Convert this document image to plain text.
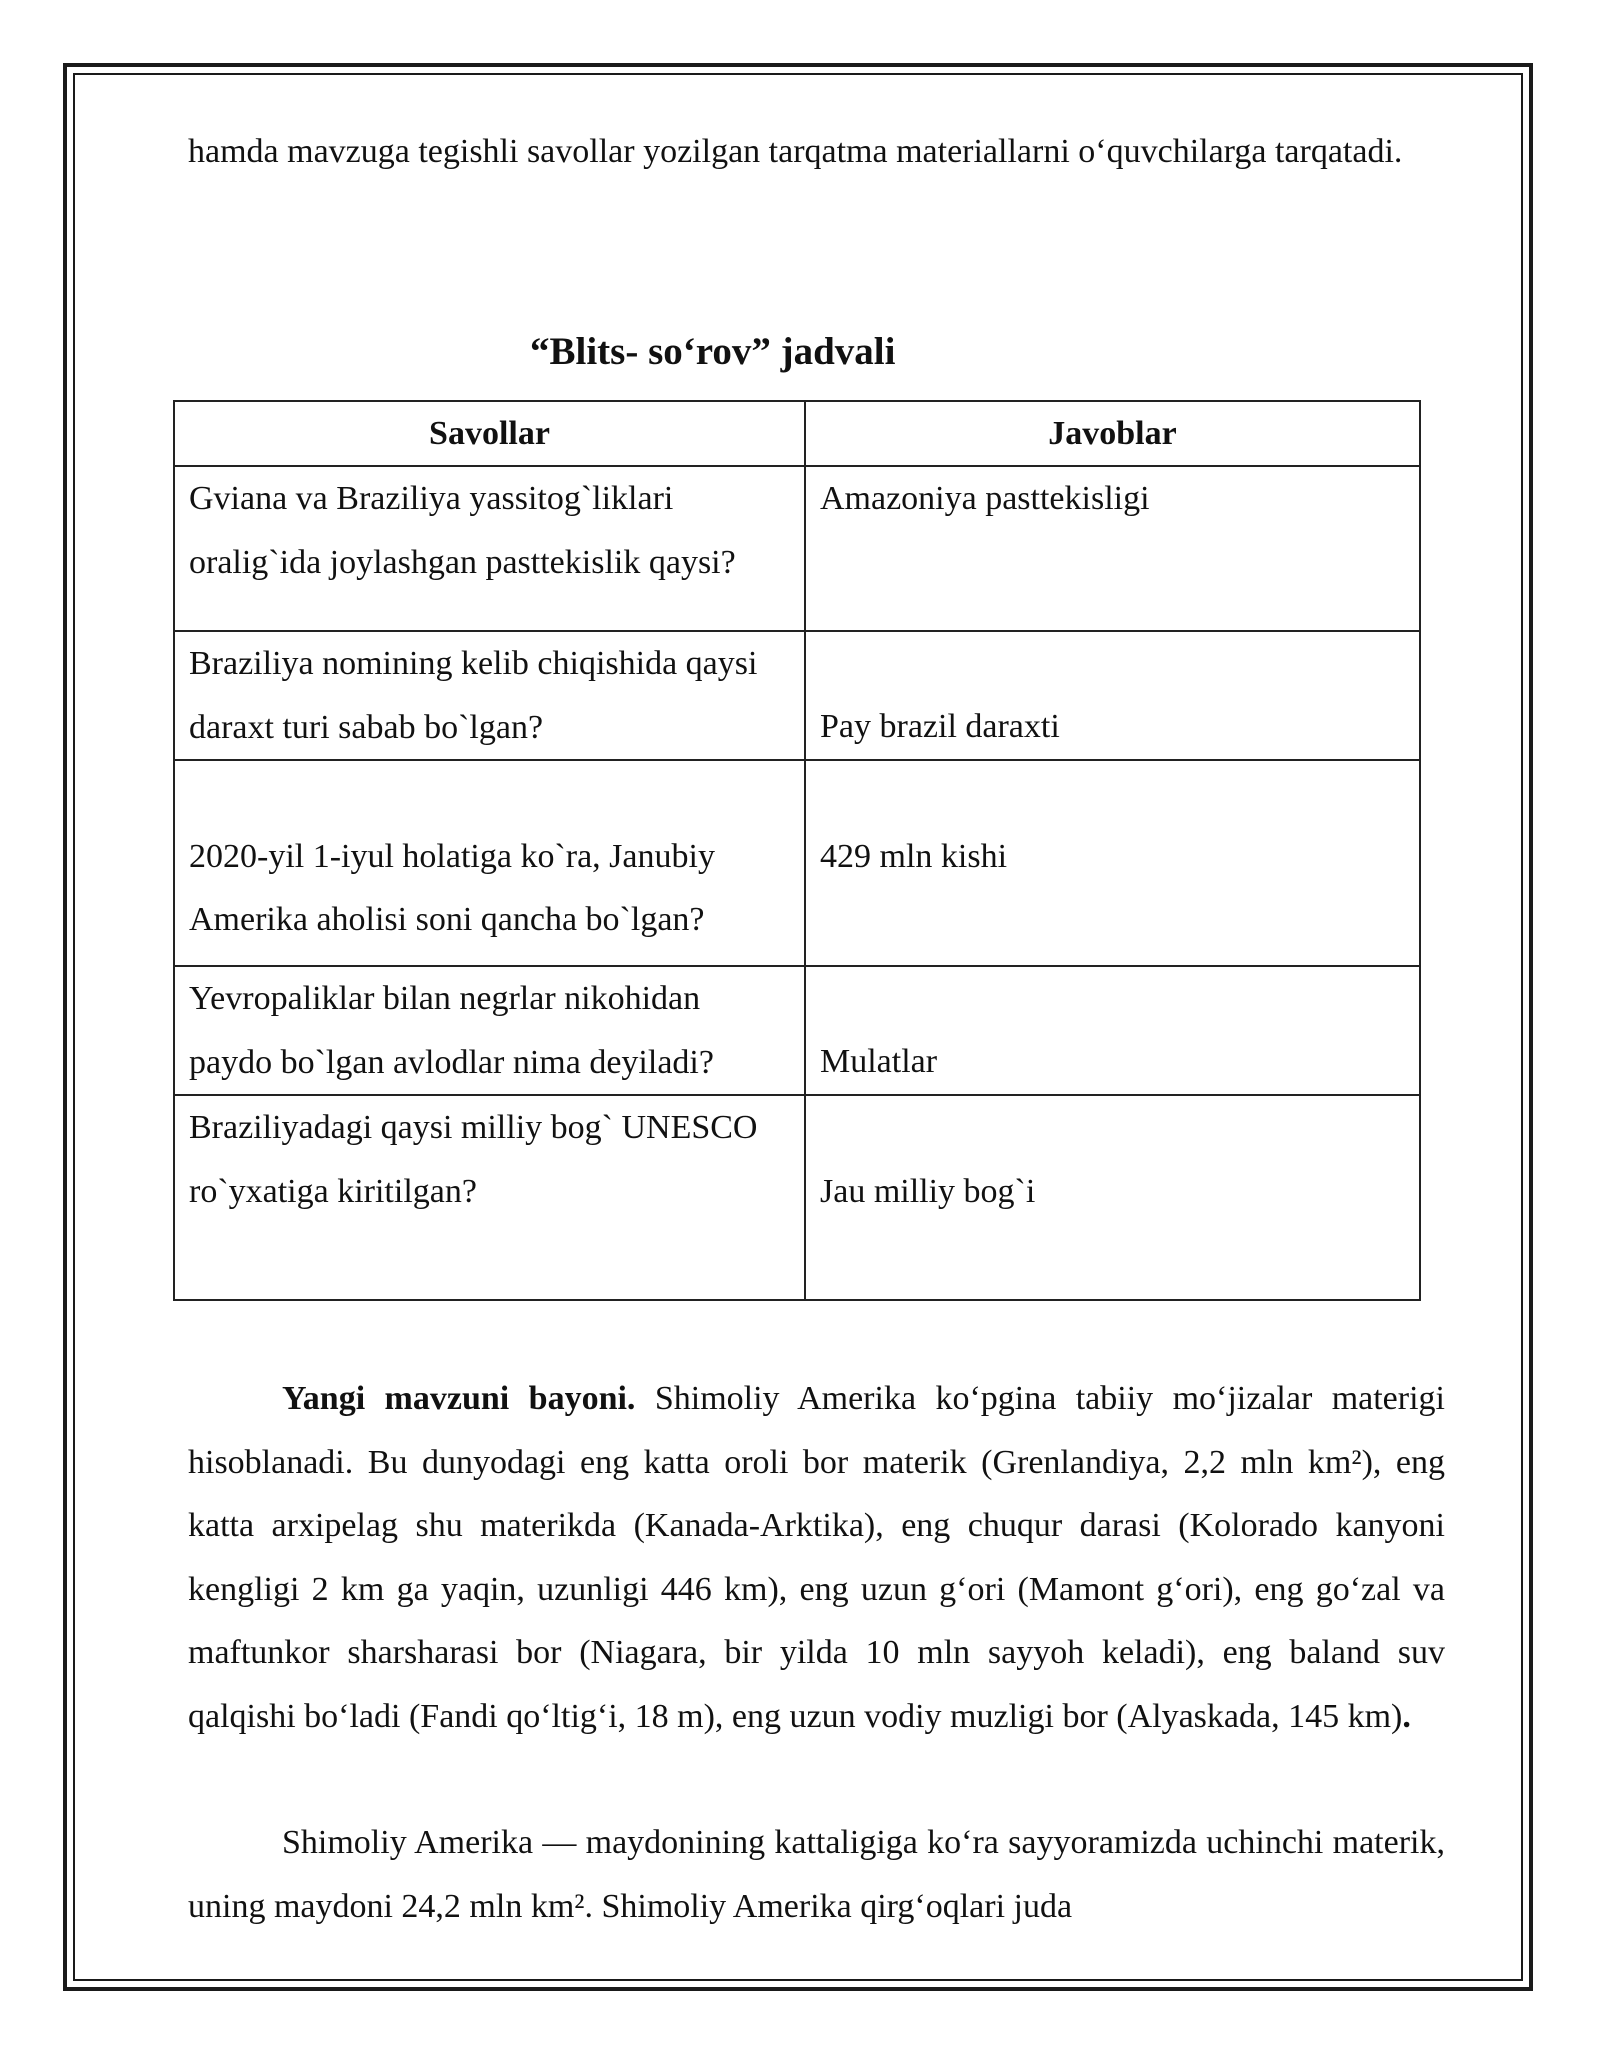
hamda mavzuga tegishli savollar yozilgan tarqatma materiallarni o‘quvchilarga tarqatadi.

“Blits- so‘rov” jadvali
Savollar	Javoblar
Gviana va Braziliya yassitog`liklari oralig`ida joylashgan pasttekislik qaysi?	Amazoniya pasttekisligi
Braziliya nomining kelib chiqishida qaysi daraxt turi sabab bo`lgan?	Pay brazil daraxti
2020-yil 1-iyul holatiga ko`ra, Janubiy Amerika aholisi soni qancha bo`lgan?	429 mln kishi
Yevropaliklar bilan negrlar nikohidan paydo bo`lgan avlodlar nima deyiladi?	Mulatlar
Braziliyadagi qaysi milliy bog` UNESCO ro`yxatiga kiritilgan?	Jau milliy bog`i

Yangi mavzuni bayoni. Shimoliy Amerika ko‘pgina tabiiy mo‘jizalar materigi hisoblanadi. Bu dunyodagi eng katta oroli bor materik (Grenlandiya, 2,2 mln km²), eng katta arxipelag shu materikda (Kanada-Arktika), eng chuqur darasi (Kolorado kanyoni kengligi 2 km ga yaqin, uzunligi 446 km), eng uzun g‘ori (Mamont g‘ori), eng go‘zal va maftunkor sharsharasi bor (Niagara, bir yilda 10 mln sayyoh keladi), eng baland suv qalqishi bo‘ladi (Fandi qo‘ltig‘i, 18 m), eng uzun vodiy muzligi bor (Alyaskada, 145 km).

Shimoliy Amerika — maydonining kattaligiga ko‘ra sayyoramizda uchinchi materik, uning maydoni 24,2 mln km². Shimoliy Amerika qirg‘oqlari juda
